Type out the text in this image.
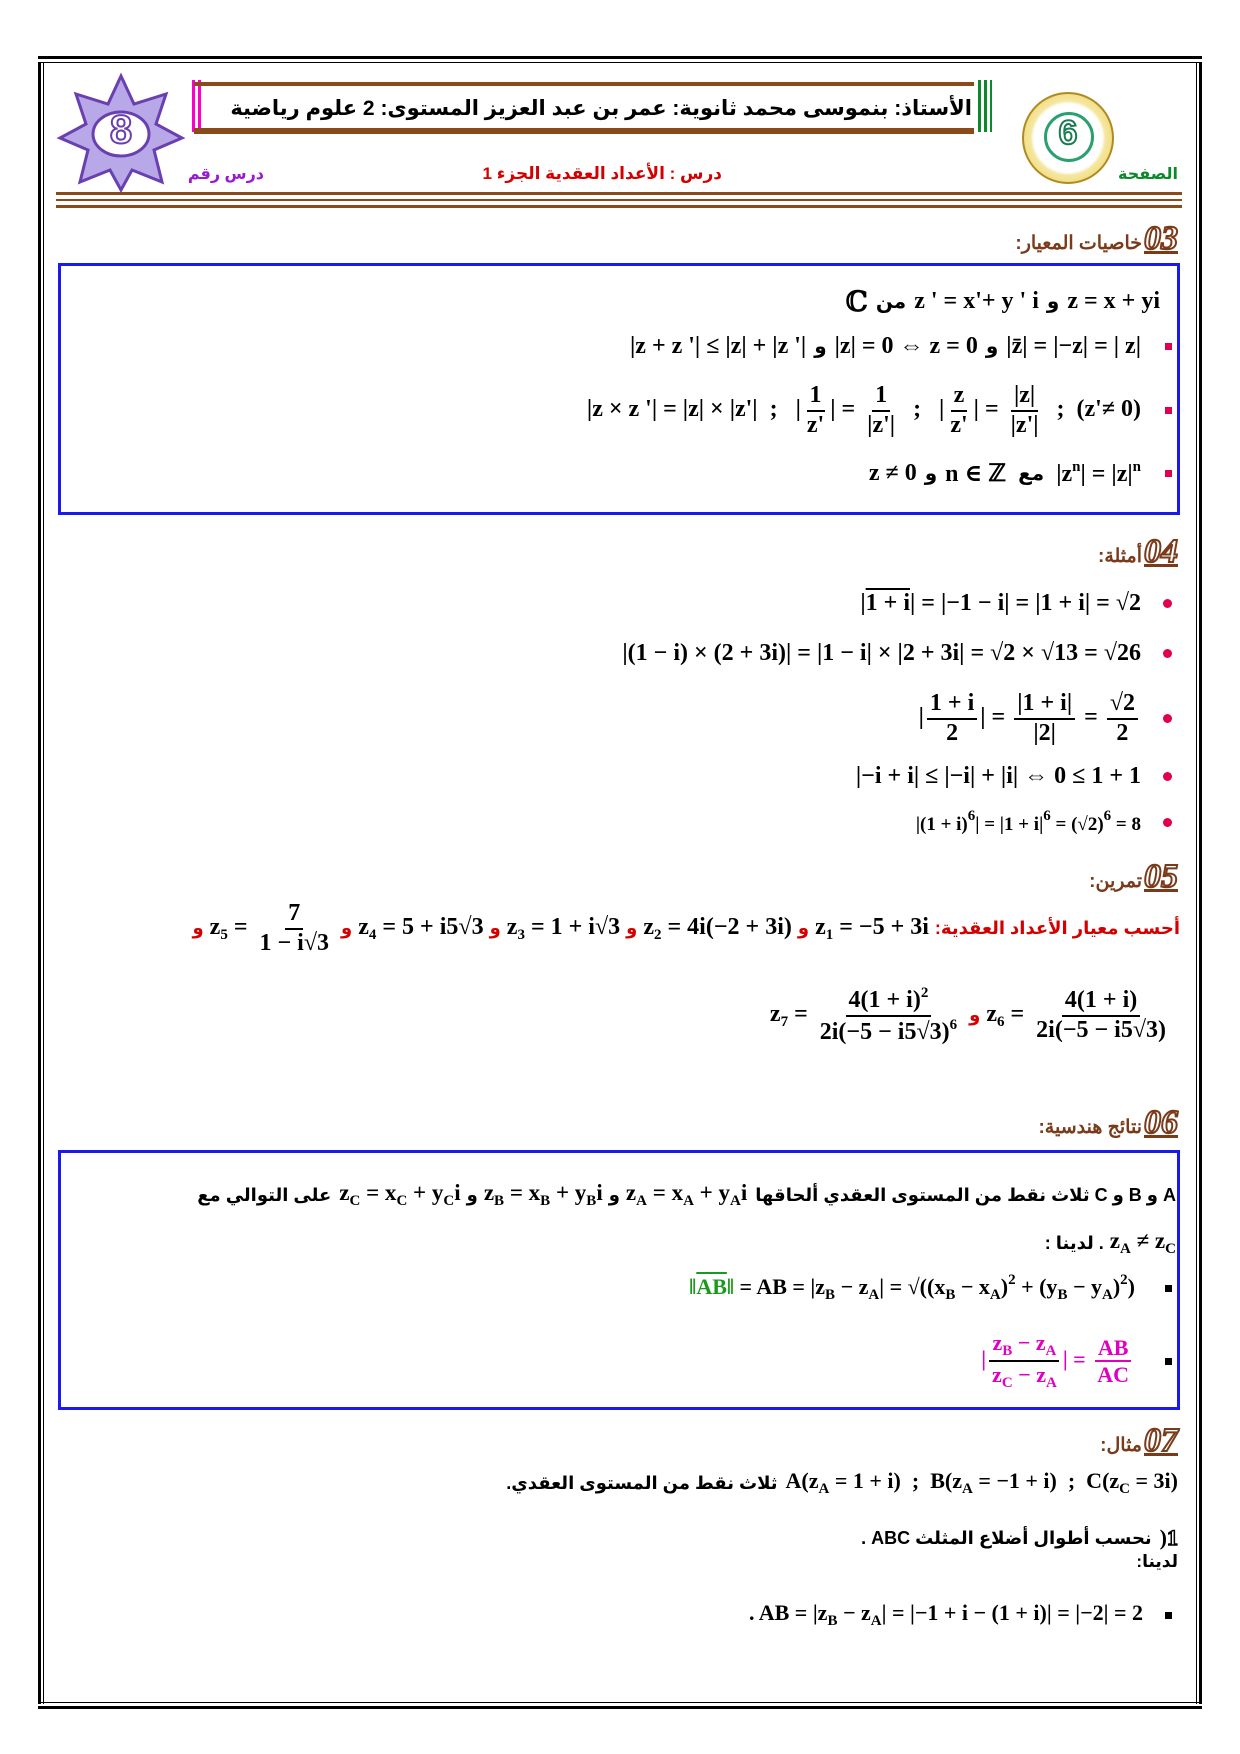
8	الأستاذ: بنموسى محمد ثانوية: عمر بن عبد العزيز المستوى: 2 علوم رياضية
6
الصفحة
درس : الأعداد العقدية الجزء 1
درس رقم
03
خاصيات المعيار:
z = x + yi
و
z ' = x'+ y ' i
من
ℂ
|z̄| = |−z| = | z|
و
|z| = 0 ⇔ z = 0
و
|z + z '| ≤ |z| + |z '|
|z × z '| = |z| × |z'|  ;   | $\frac{1}{z'}$ | = $\frac{1}{|z'|}$ ;   | $\frac{z}{z'}$ | = $\frac{|z|}{|z'|}$ ;  (z'≠ 0)
$|z^n| = |z|^n$
مع
n ∈ ℤ
و
z ≠ 0
04
أمثلة:
|1 + i| = |−1 − i| = |1 + i| = √2
|(1 − i) × (2 + 3i)| = |1 − i| × |2 + 3i| = √2 × √13 = √26
| $\frac{1 + i}{2}$ | = $\frac{|1 + i|}{|2|} = \frac{√2}{2}$
|−i + i| ≤ |−i| + |i| ⇔ 0 ≤ 1 + 1
$|(1 + i)^6| = |1 + i|^6 = (√2)^6 = 8$
05
تمرين:
أحسب معيار الأعداد العقدية:
$z_1 = -5 + 3i$
و
$z_2 = 4i(-2 + 3i)$
و
$z_3 = 1 + i√3$
و
$z_4 = 5 + i5√3$
و
$z_5 = \frac{7}{1 - i√3}$
و
$z_6 = \frac{4(1 + i)}{2i(-5 - i5√3)}$
و
$z_7 = \frac{4(1 + i)^2}{2i(-5 - i5√3)^6}$
06
نتائج هندسية:
A و B و C ثلاث نقط من المستوى العقدي ألحاقها
$z_A = x_A + y_Ai$
و
$z_B = x_B + y_Bi$
و
$z_C = x_C + y_Ci$
على التوالي مع
$z_A \ne z_C$
. لدينا :
$‖\overline{AB}‖$ = AB = $|z_B - z_A| = √((x_B - x_A)^2 + (y_B - y_A)^2)$
| $\frac{z_B - z_A}{z_C - z_A}$ | = $\frac{AB}{AC}$
07
مثال:
$A(z_A = 1 + i)$  ;  $B(z_A = -1 + i)$  ;  $C(z_C = 3i)$
ثلاث نقط من المستوى العقدي.
1
)
نحسب أطوال أضلاع المثلث ABC .
لدينا:
. AB = $|z_B - z_A| = |-1 + i - (1 + i)| = |-2| = 2$
